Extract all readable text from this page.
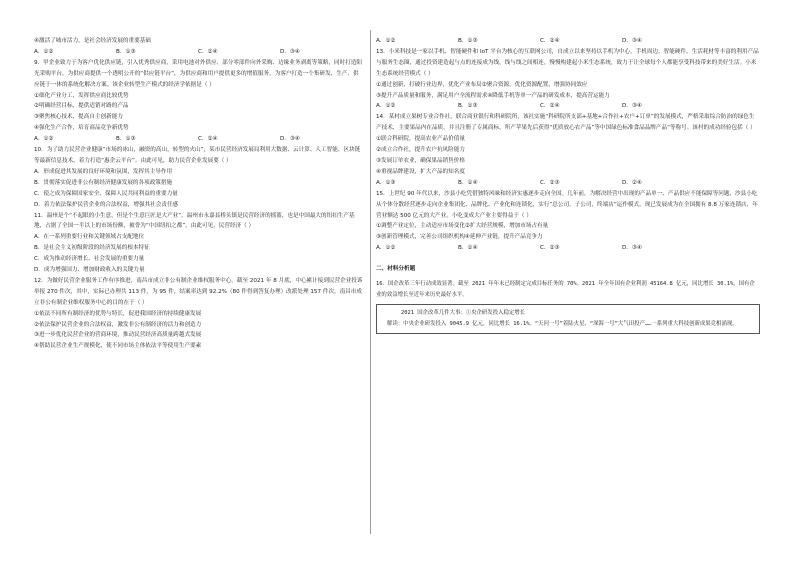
④激活了城市活力，是社会经济发展的重要基础
A．①②	B．①③	C．②④	D．③④
9．甲企业致力于为客户优化供应链，引入优秀供应商，采用电池对外供应、部分零部件向外采购、边缘业务剥离等策略，同时打造阳光采购平台，为供应商提供一个透明公开的“供应链平台”，为供应商和用户提供更多的增值服务，为客户打造一个集研发、生产、供应链于一体的系统化解决方案。该企业转型生产模式的经济学依据是（ ）
①细化产业分工，发挥供应商比较优势
②明确经营目标，提供适销对路的产品
③聚焦核心技术，提高自主创新能力
④强化生产合作，培育商品竞争新优势
A．①②	B．①③	C．②④	D．③④
10．为了助力民营企业健康“市场的冰山，融资的高山，转型的火山”，某市民营经济发展局利用大数据、云计算、人工智能、区块链等最新信息技术，着力打造“惠企云平台”。由此可见，助力民营企业发展要（ ）
A．形成促进其发展的良好环境和氛围，发挥其主导作用
B．贯彻落实促进非公有制经济健康发展的各项政策措施
C．使之成为保障国家安全、保障人民共同利益的重要力量
D．着力依法保护民营企业的合法权益，增强其社会责任感
11．温州是个“不起眼的小生意，但是个生意巨匠是大产业”。温州市永嘉县桥头镇是民营经济的摇篮，也是中国最大的纽扣生产基地，占据了全国一半以上的市场份额，被誉为“中国纽扣之都”。由此可见，民营经济（ ）
A．在一系列重要行业和关键领域占支配地位
B．是社会主义初级阶段的经济发展的根本特征
C．成为推动经济增长、社会发展的重要力量
D．成为增强国力、增加财政收入的关键力量
12．为做好民营企业服务工作有序推进，南昌市成立非公有制企业维权服务中心。截至 2021 年 8 月底，中心累计接到民营企业投诉举报 270 件次，其中，实际已办理共 113 件，为 95 件，结案率达到 92.2%（80 件得到答复办理）改派处理 157 件次。南昌市成立非公有制企业维权服务中心的目的在于（ ）
①依法不同所有制经济的优势与特长，促进我国经济的持续健康发展
②依法保护民营企业的合法权益，激发非公有制经济的活力和创造力
③进一步优化民营企业的营商环境，推动民营经济高质量跨越式发展
④帮助民营企业生产规模化，使不同市场主体依法平等使用生产要素
A．①②	B．①③	C．②④	D．③④
13．小米科技是一家以手机、智能硬件和 IoT 平台为核心的互联网公司，自成立以来坚持以手机为中心，手机周边、智能硬件、生活耗材等丰富的利用产品与服务生态圈，通过投资建造起与点的连接成为线，线与线之间相连，慢慢构建起小米生态系统，致力于让全球每个人都能享受科技带来的美好生活。小米生态系统经营模式（ ）
①通过创新，打破行业边界，优化产业布局②聚合资源，优化资源配置，增强协同效应
③提升产品质量和服务，满足用户全流程需求④降低手机等单一产品的研发成本，提高营运能力
A．①②	B．①③	C．②④	D．③④
14．某村成立果树专业合作社，联合商业银行和科研院所，该社实施“科研院所支部+基地+合作社+农户+订单”的发展模式，严格采取综合防治的绿色生产技术，主要果品内在品质，并且注册了专属商标，所产苹果先后获得“优质放心农产品”等中国绿色标准食品品牌产品“等称号。该村的成功经验包括（ ）
①联合科研院，提高农业产品价值量
②成立合作社，提升农户抗风险能力
③发展订单农业，确保果品销售价格
④重视品牌建设，扩大产品的知名度
A．①③	B．①④	C．②③	D．②④
15．上世纪 90 年代以来，沙县小吃凭借独特风味和经济实惠逐步走向全国。几年前，为解决经营中出现的产品单一、产品供应不能保障等问题，沙县小吃从个体分散经营逐步走向企业集团化、品牌化、产业化和连锁化，实行“总公司，子公司，终端店”运作模式，现已发展成为在全国拥有 8.8 万家连锁店，年营业额达 500 亿元的大产业。小吃变成大产业主要得益于（ ）
①调整产业定位，主动适应市场变化②扩大经营规模，增加市场占有量
③创新管理模式，完善公司组织机构④延伸产业链，提升产品竞争力
A．①②	B．①④	C．②③	D．③④
二、材料分析题
16．国企改革三年行动成效显著。截至 2021 年年末已经制定完成目标任务的 70%。2021 年全年国有企业利润 45164.8 亿元，同比增长 30.1%，国有企业的效益增长至近年来历史最好水平。
2021 国企改革几件大事：①央企研发投入稳定增长
解读：中央企业研发投入 9045.9 亿元，同比增长 16.1%。“天问一号”着陆火星、“深海一号”大气田投产……一系列重大科技创新成果竞相涌现。
